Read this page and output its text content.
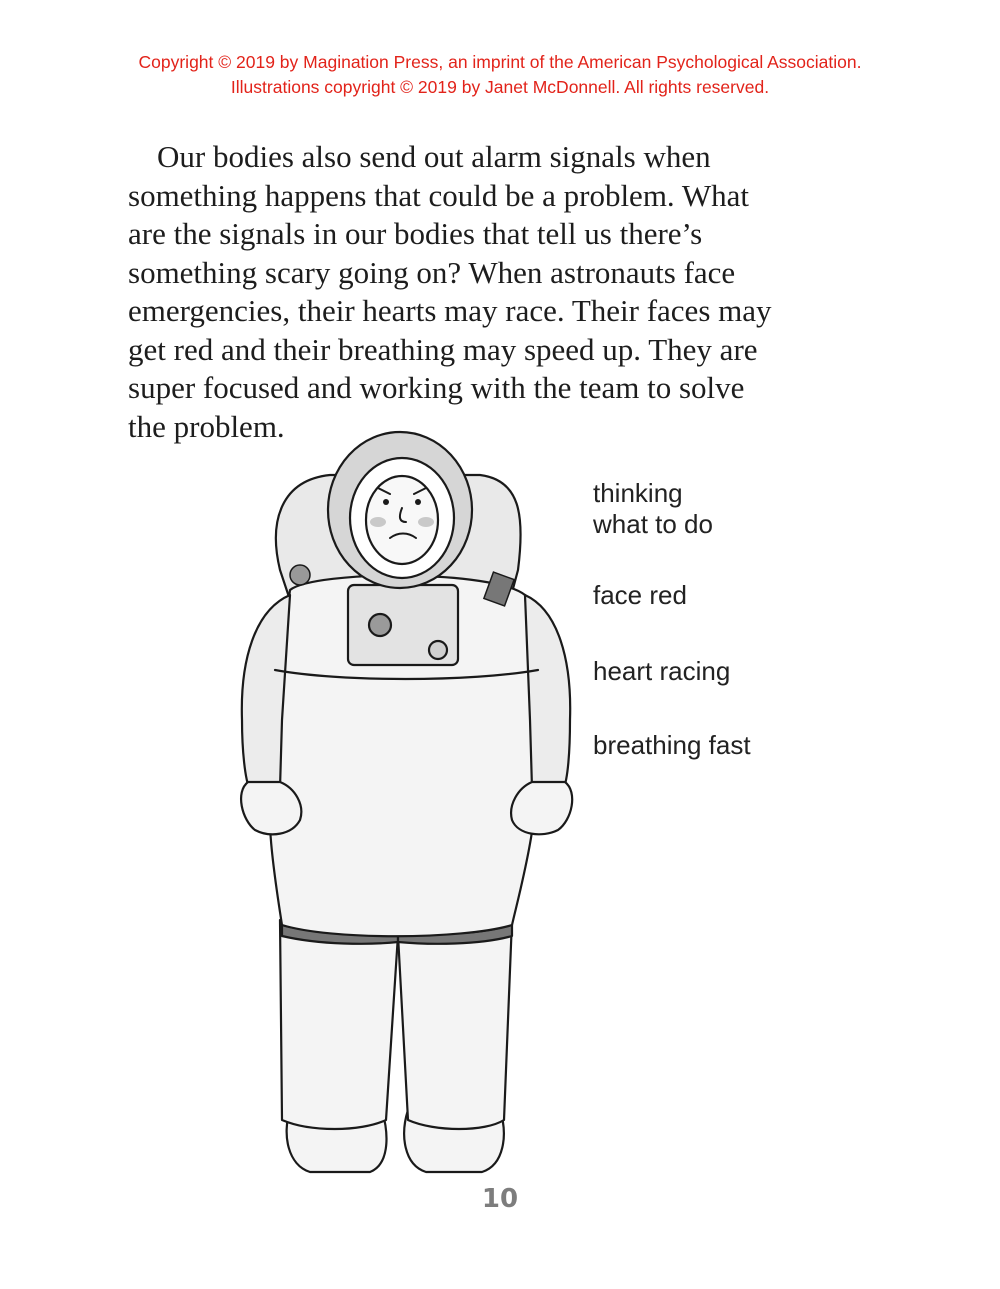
Copyright © 2019 by Magination Press, an imprint of the American Psychological Association.
Illustrations copyright © 2019 by Janet McDonnell. All rights reserved.
Our bodies also send out alarm signals when
something happens that could be a problem. What
are the signals in our bodies that tell us there’s
something scary going on? When astronauts face
emergencies, their hearts may race. Their faces may
get red and their breathing may speed up. They are
super focused and working with the team to solve
the problem.
thinking
what to do
face red
heart racing
breathing fast
10
